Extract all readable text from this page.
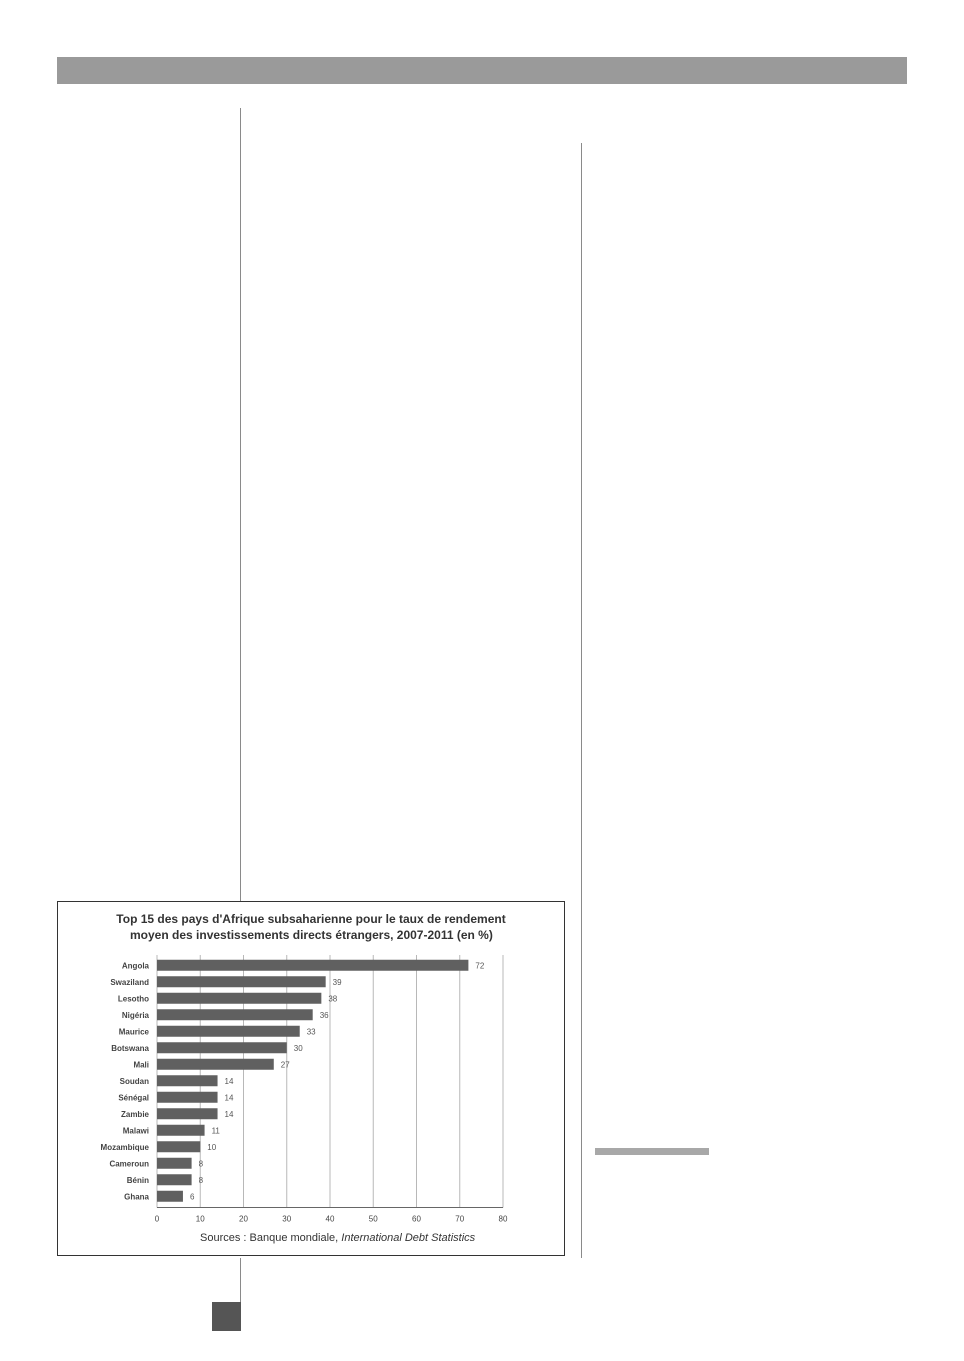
Top 15 des pays d'Afrique subsaharienne pour le taux de rendement
moyen des investissements directs étrangers, 2007-2011 (en %)
0	10	20	30	40	50	60	70	80
Angola	72
Swaziland	39
Lesotho	38
Nigéria	36
Maurice	33
Botswana	30
Mali	27
Soudan	14
Sénégal	14
Zambie	14
Malawi	11
Mozambique	10
Cameroun	8
Bénin	8
Ghana	6
Sources : Banque mondiale, International Debt Statistics
